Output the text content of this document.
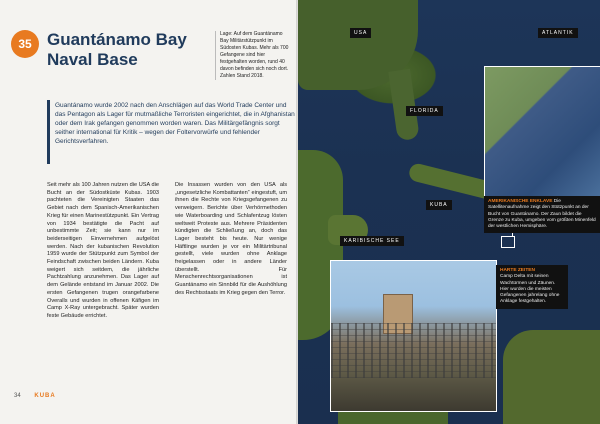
35 Guantánamo Bay Naval Base
Lage: Auf dem Guantánamo Bay Militärstützpunkt im Südosten Kubas. Mehr als 700 Gefangene sind hier festgehalten worden, rund 40 davon befinden sich noch dort. Zahlen Stand 2018.
Guantánamo wurde 2002 nach den Anschlägen auf das World Trade Center und das Pentagon als Lager für mutmaßliche Terroristen eingerichtet, die in Afghanistan oder dem Irak gefangen genommen worden waren. Das Militärgefängnis sorgt seither international für Kritik – wegen der Foltervorwürfe und fehlender Gerichtsverfahren.
Seit mehr als 100 Jahren nutzen die USA die Bucht an der Südostküste Kubas. 1903 pachteten die Vereinigten Staaten das Gebiet nach dem Spanisch-Amerikanischen Krieg für einen Marinestützpunkt. Ein Vertrag von 1934 bestätigte die Pacht auf unbestimmte Zeit; sie kann nur im beiderseitigen Einvernehmen aufgelöst werden. Nach der kubanischen Revolution 1959 wurde der Stützpunkt zum Symbol der Feindschaft zwischen beiden Ländern. Kuba weigert sich seitdem, die jährliche Pachtzahlung anzunehmen. Das Lager auf dem Gelände entstand im Januar 2002. Die ersten Gefangenen trugen orangefarbene Overalls und wurden in offenen Käfigen im Camp X-Ray untergebracht. Später wurden feste Gebäude errichtet.
Die Insassen wurden von den USA als „ungesetzliche Kombattanten“ eingestuft, um ihnen die Rechte von Kriegsgefangenen zu verweigern. Berichte über Verhörmethoden wie Waterboarding und Schlafentzug lösten weltweit Proteste aus. Mehrere Präsidenten kündigten die Schließung an, doch das Lager besteht bis heute. Nur wenige Häftlinge wurden je vor ein Militärtribunal gestellt, viele wurden ohne Anklage freigelassen oder in andere Länder überstellt. Für Menschenrechtsorganisationen ist Guantánamo ein Sinnbild für die Aushöhlung des Rechtsstaats im Krieg gegen den Terror.
34 KUBA
USA	ATLANTIK
FLORIDA
KUBA
KARIBISCHE SEE
AMERIKANISCHE ENKLAVE Die Satellitenaufnahme zeigt den Stützpunkt an der Bucht von Guantánamo. Der Zaun bildet die Grenze zu Kuba, umgeben vom größten Minenfeld der westlichen Hemisphäre.
HARTE ZEITEN
Camp Delta mit seinen Wachtürmen und Zäunen. Hier wurden die meisten Gefangenen jahrelang ohne Anklage festgehalten.
